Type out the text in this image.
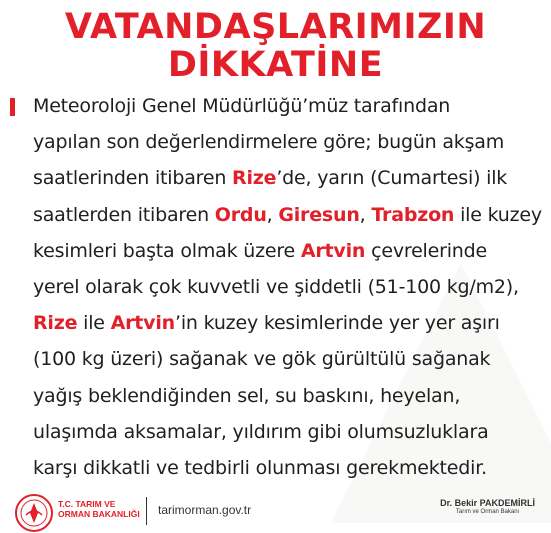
VATANDAŞLARIMIZIN
DİKKATİNE
Meteoroloji Genel Müdürlüğü’müz tarafından
yapılan son değerlendirmelere göre; bugün akşam
saatlerinden itibaren Rize’de, yarın (Cumartesi) ilk
saatlerden itibaren Ordu, Giresun, Trabzon ile kuzey
kesimleri başta olmak üzere Artvin çevrelerinde
yerel olarak çok kuvvetli ve şiddetli (51-100 kg/m2),
Rize ile Artvin’in kuzey kesimlerinde yer yer aşırı
(100 kg üzeri) sağanak ve gök gürültülü sağanak
yağış beklendiğinden sel, su baskını, heyelan,
ulaşımda aksamalar, yıldırım gibi olumsuzluklara
karşı dikkatli ve tedbirli olunması gerekmektedir.
T.C. TARIM VE
ORMAN BAKANLIĞI	tarimorman.gov.tr	Dr. Bekir PAKDEMİRLİ
Tarım ve Orman Bakanı
